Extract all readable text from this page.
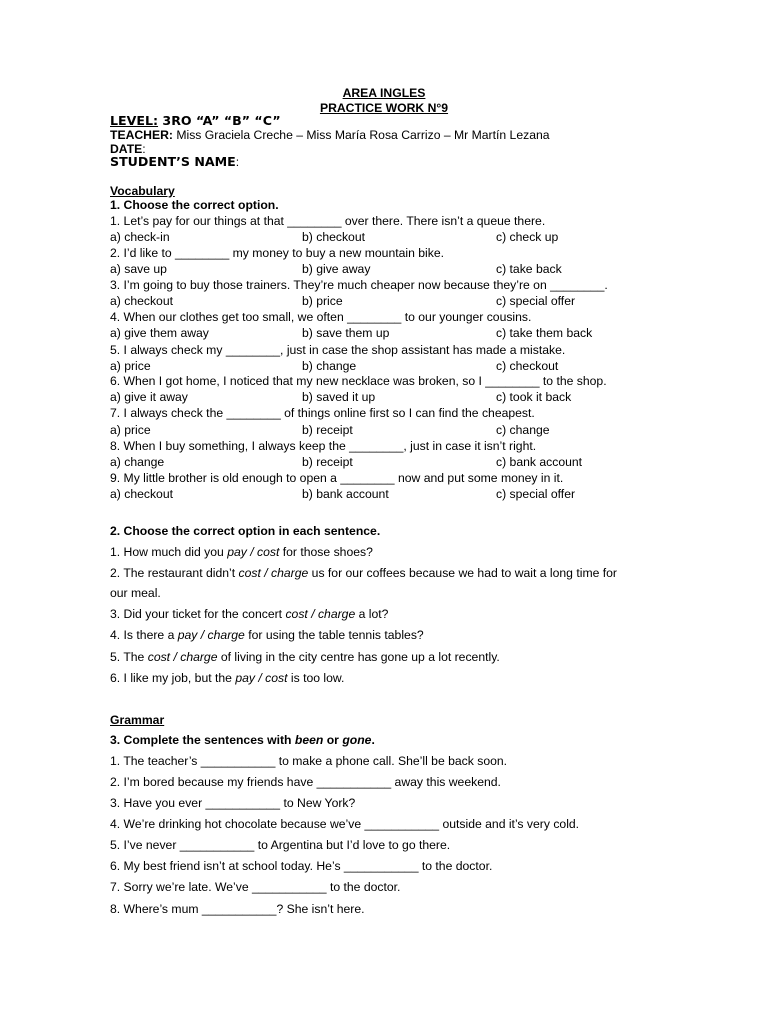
AREA INGLES
PRACTICE WORK N°9
LEVEL: 3RO “A” “B” “C”
TEACHER: Miss Graciela Creche – Miss María Rosa Carrizo – Mr Martín Lezana
DATE:
STUDENT’S NAME:
Vocabulary
1. Choose the correct option.
1. Let’s pay for our things at that ________ over there. There isn’t a queue there.
a) check-in	b) checkout	c) check up
2. I’d like to ________ my money to buy a new mountain bike.
a) save up	b) give away	c) take back
3. I’m going to buy those trainers. They’re much cheaper now because they’re on ________.
a) checkout	b) price	c) special offer
4. When our clothes get too small, we often ________ to our younger cousins.
a) give them away	b) save them up	c) take them back
5. I always check my ________, just in case the shop assistant has made a mistake.
a) price	b) change	c) checkout
6. When I got home, I noticed that my new necklace was broken, so I ________ to the shop.
a) give it away	b) saved it up	c) took it back
7. I always check the ________ of things online first so I can find the cheapest.
a) price	b) receipt	c) change
8. When I buy something, I always keep the ________, just in case it isn’t right.
a) change	b) receipt	c) bank account
9. My little brother is old enough to open a ________ now and put some money in it.
a) checkout	b) bank account	c) special offer
2. Choose the correct option in each sentence.
1. How much did you pay / cost for those shoes?
2. The restaurant didn’t cost / charge us for our coffees because we had to wait a long time for
our meal.
3. Did your ticket for the concert cost / charge a lot?
4. Is there a pay / charge for using the table tennis tables?
5. The cost / charge of living in the city centre has gone up a lot recently.
6. I like my job, but the pay / cost is too low.
Grammar
3. Complete the sentences with been or gone.
1. The teacher’s ___________ to make a phone call. She’ll be back soon.
2. I’m bored because my friends have ___________ away this weekend.
3. Have you ever ___________ to New York?
4. We’re drinking hot chocolate because we’ve ___________ outside and it’s very cold.
5. I’ve never ___________ to Argentina but I’d love to go there.
6. My best friend isn’t at school today. He’s ___________ to the doctor.
7. Sorry we’re late. We’ve ___________ to the doctor.
8. Where’s mum ___________? She isn’t here.
